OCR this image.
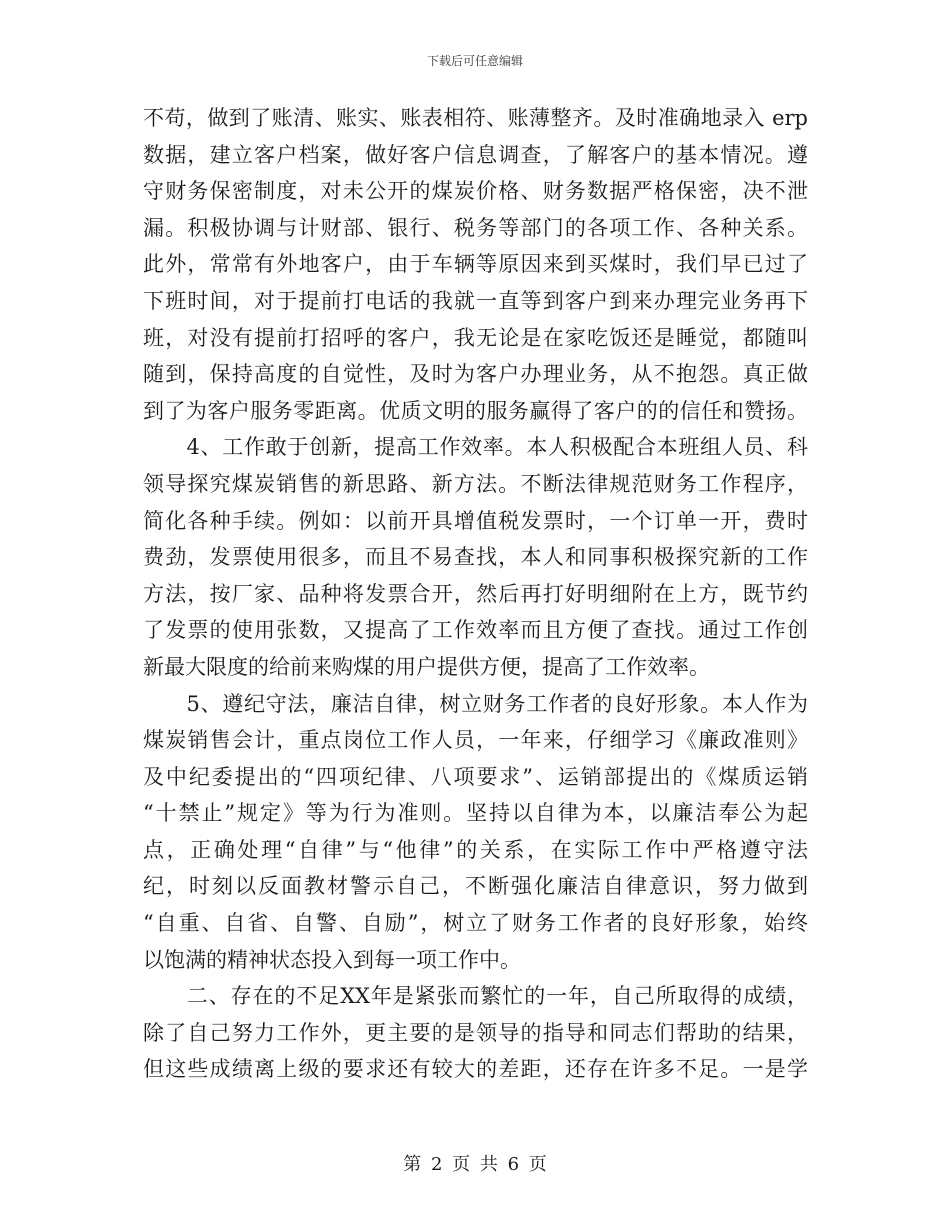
下载后可任意编辑
不苟，做到了账清、账实、账表相符、账薄整齐。及时准确地录入 erp
数据，建立客户档案，做好客户信息调查，了解客户的基本情况。遵
守财务保密制度，对未公开的煤炭价格、财务数据严格保密，决不泄
漏。积极协调与计财部、银行、税务等部门的各项工作、各种关系。
此外，常常有外地客户，由于车辆等原因来到买煤时，我们早已过了
下班时间，对于提前打电话的我就一直等到客户到来办理完业务再下
班，对没有提前打招呼的客户，我无论是在家吃饭还是睡觉，都随叫
随到，保持高度的自觉性，及时为客户办理业务，从不抱怨。真正做
到了为客户服务零距离。优质文明的服务赢得了客户的的信任和赞扬。
　　4、工作敢于创新，提高工作效率。本人积极配合本班组人员、科
领导探究煤炭销售的新思路、新方法。不断法律规范财务工作程序，
简化各种手续。例如：以前开具增值税发票时，一个订单一开，费时
费劲，发票使用很多，而且不易查找，本人和同事积极探究新的工作
方法，按厂家、品种将发票合开，然后再打好明细附在上方，既节约
了发票的使用张数，又提高了工作效率而且方便了查找。通过工作创
新最大限度的给前来购煤的用户提供方便，提高了工作效率。
　　5、遵纪守法，廉洁自律，树立财务工作者的良好形象。本人作为
煤炭销售会计，重点岗位工作人员，一年来，仔细学习《廉政准则》
及中纪委提出的“四项纪律、八项要求”、运销部提出的《煤质运销
“十禁止”规定》等为行为准则。坚持以自律为本，以廉洁奉公为起
点，正确处理“自律”与“他律”的关系，在实际工作中严格遵守法
纪，时刻以反面教材警示自己，不断强化廉洁自律意识，努力做到
“自重、自省、自警、自励”，树立了财务工作者的良好形象，始终
以饱满的精神状态投入到每一项工作中。
　　二、存在的不足XX年是紧张而繁忙的一年，自己所取得的成绩，
除了自己努力工作外，更主要的是领导的指导和同志们帮助的结果，
但这些成绩离上级的要求还有较大的差距，还存在许多不足。一是学
第 2 页 共 6 页
